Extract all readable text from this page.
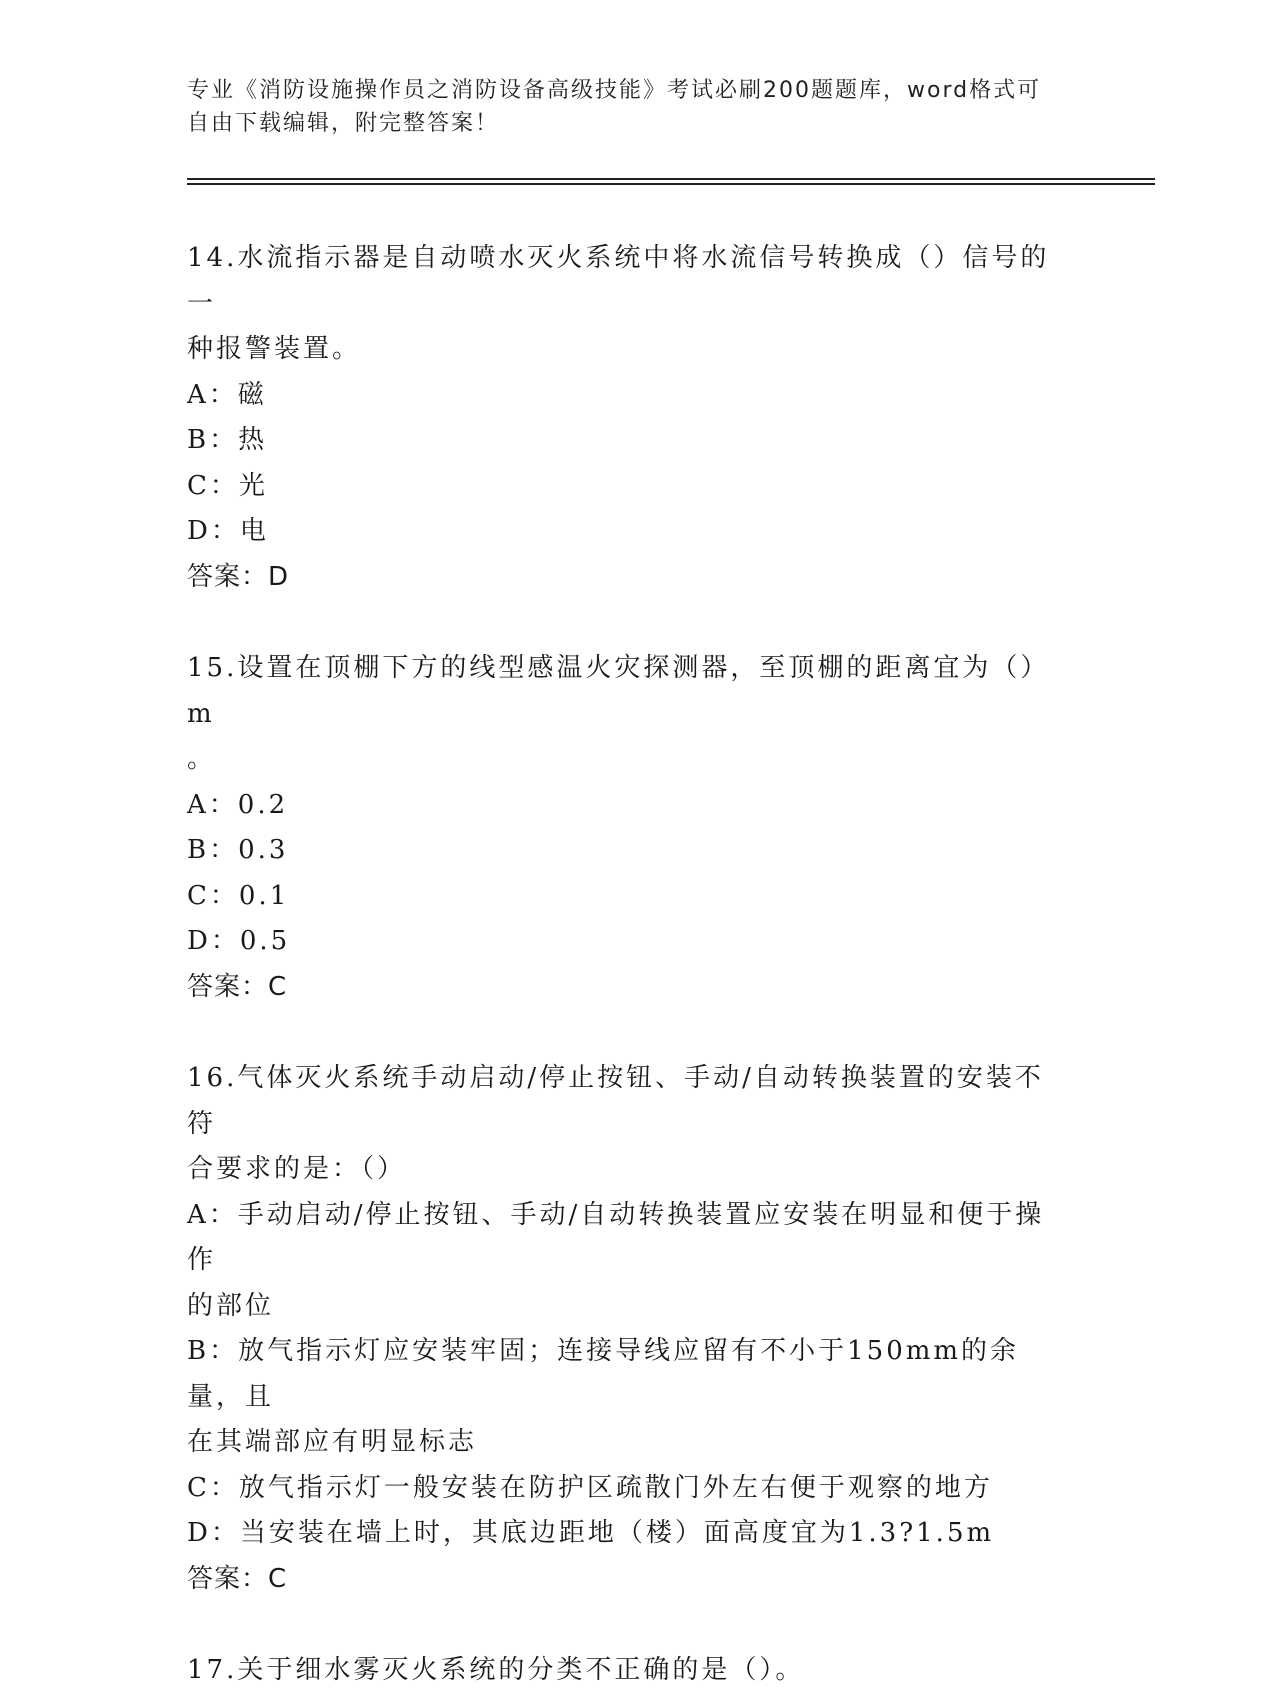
专业《消防设施操作员之消防设备高级技能》考试必刷200题题库，word格式可
自由下载编辑，附完整答案！
14.水流指示器是自动喷水灭火系统中将水流信号转换成（）信号的一
种报警装置。
A：磁
B：热
C：光
D：电
答案：D
15.设置在顶棚下方的线型感温火灾探测器，至顶棚的距离宜为（）m
。
A：0.2
B：0.3
C：0.1
D：0.5
答案：C
16.气体灭火系统手动启动/停止按钮、手动/自动转换装置的安装不符
合要求的是：（）
A：手动启动/停止按钮、手动/自动转换装置应安装在明显和便于操作
的部位
B：放气指示灯应安装牢固；连接导线应留有不小于150mm的余量，且
在其端部应有明显标志
C：放气指示灯一般安装在防护区疏散门外左右便于观察的地方
D：当安装在墙上时，其底边距地（楼）面高度宜为1.3?1.5m
答案：C
17.关于细水雾灭火系统的分类不正确的是（）。
